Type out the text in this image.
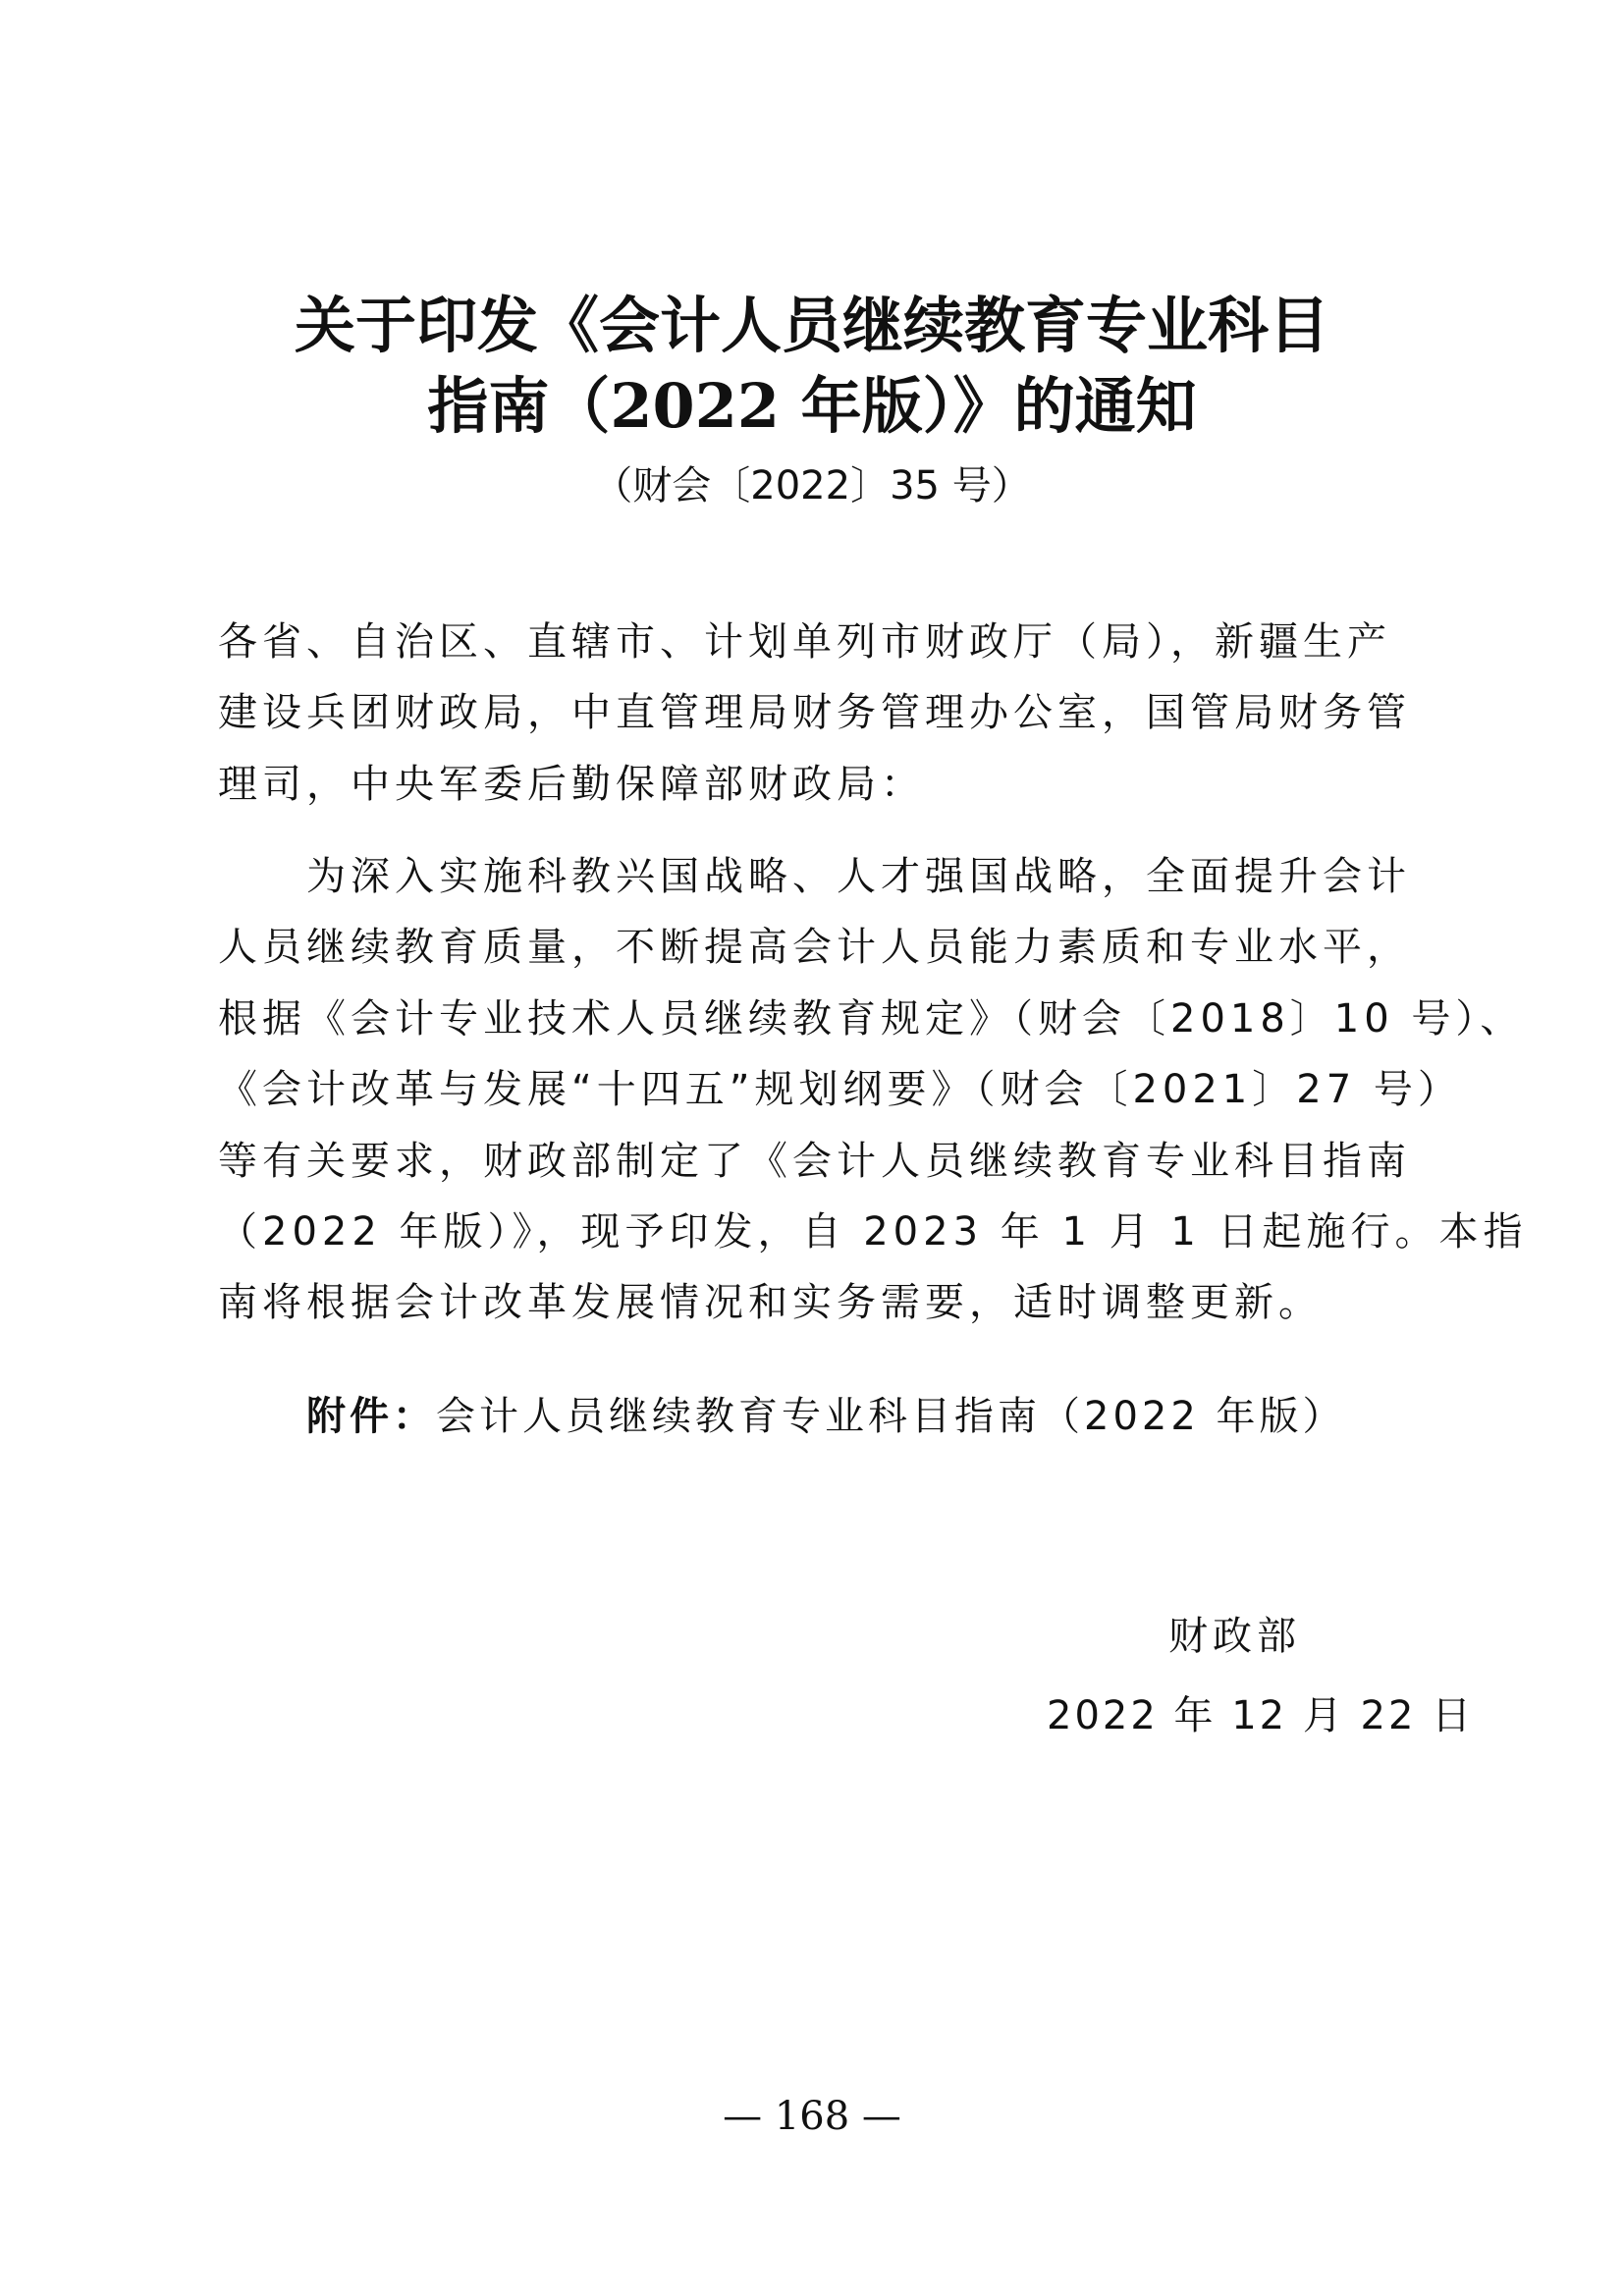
关于印发《会计人员继续教育专业科目
指南（2022 年版）》的通知
（财会〔2022〕35 号）
各省、自治区、直辖市、计划单列市财政厅（局），新疆生产
建设兵团财政局，中直管理局财务管理办公室，国管局财务管
理司，中央军委后勤保障部财政局：
为深入实施科教兴国战略、人才强国战略，全面提升会计
人员继续教育质量，不断提高会计人员能力素质和专业水平，
根据《会计专业技术人员继续教育规定》（财会〔2018〕10 号）、
《会计改革与发展“十四五”规划纲要》（财会〔2021〕27 号）
等有关要求，财政部制定了《会计人员继续教育专业科目指南
（2022 年版）》，现予印发，自 2023 年 1 月 1 日起施行。本指
南将根据会计改革发展情况和实务需要，适时调整更新。
附件：会计人员继续教育专业科目指南（2022 年版）
财政部
2022 年 12 月 22 日
— 168 —
